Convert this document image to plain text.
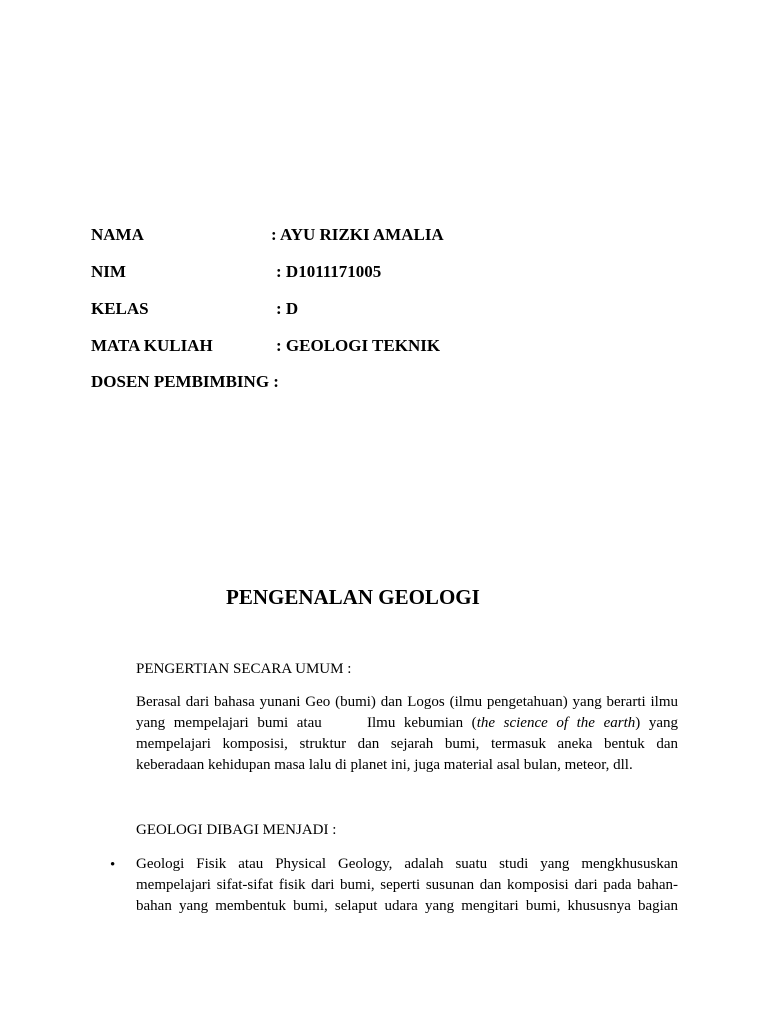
NAMA	: AYU RIZKI AMALIA
NIM	: D1011171005
KELAS	: D
MATA KULIAH	: GEOLOGI TEKNIK
DOSEN PEMBIMBING :
PENGENALAN GEOLOGI
PENGERTIAN SECARA UMUM :
Berasal dari bahasa yunani Geo (bumi) dan Logos (ilmu pengetahuan) yang berarti ilmu
yang mempelajari bumi atau	Ilmu kebumian (the science of the earth) yang
mempelajari komposisi, struktur dan sejarah bumi, termasuk aneka bentuk dan
keberadaan kehidupan masa lalu di planet ini, juga material asal bulan, meteor, dll.
GEOLOGI DIBAGI MENJADI :
• Geologi Fisik atau Physical Geology, adalah suatu studi yang mengkhususkan
mempelajari sifat-sifat fisik dari bumi, seperti susunan dan komposisi dari pada bahan-
bahan yang membentuk bumi, selaput udara yang mengitari bumi, khususnya bagian
